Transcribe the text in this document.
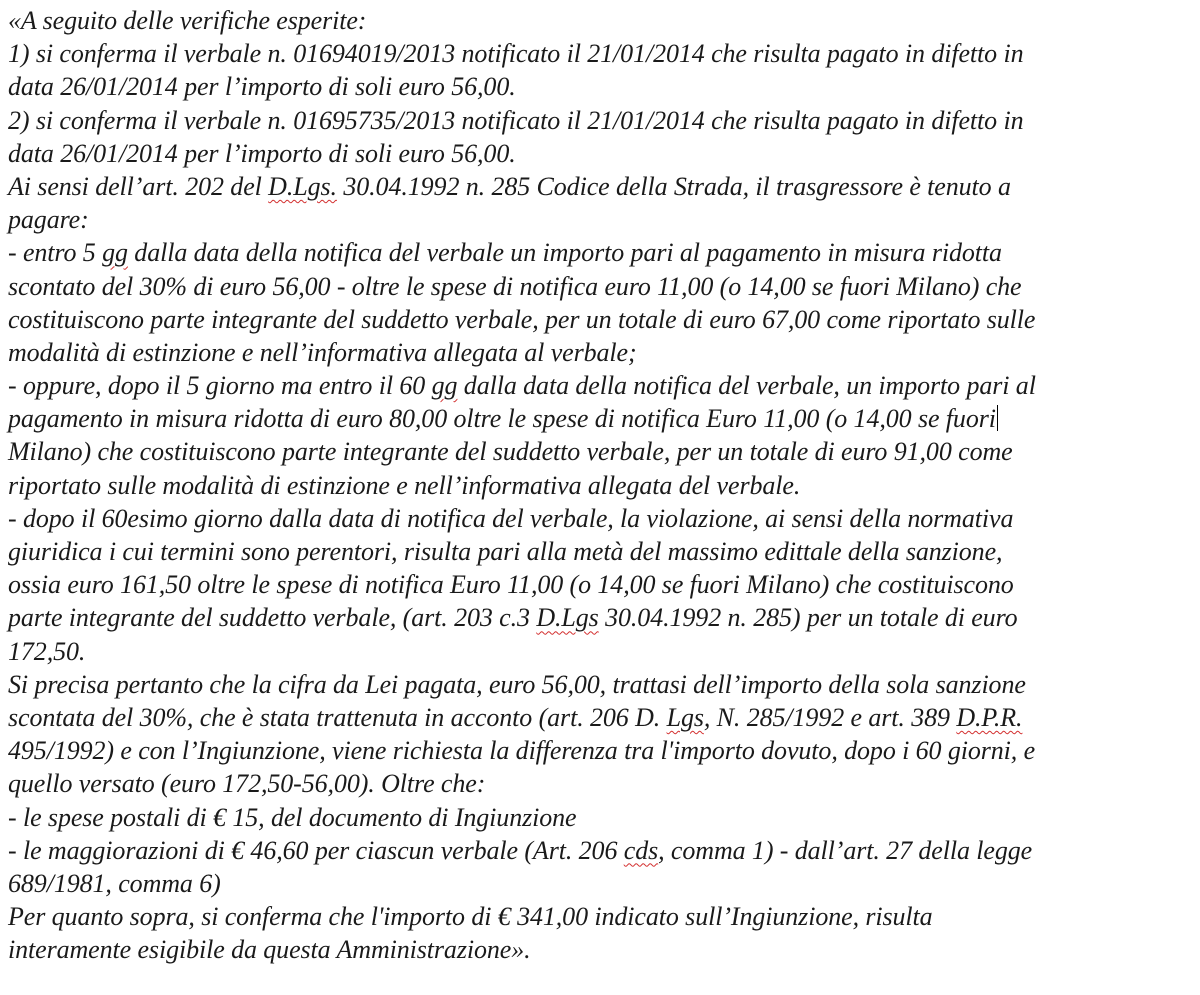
«A seguito delle verifiche esperite:
1) si conferma il verbale n. 01694019/2013 notificato il 21/01/2014 che risulta pagato in difetto in
data 26/01/2014 per l’importo di soli euro 56,00.
2) si conferma il verbale n. 01695735/2013 notificato il 21/01/2014 che risulta pagato in difetto in
data 26/01/2014 per l’importo di soli euro 56,00.
Ai sensi dell’art. 202 del D.Lgs. 30.04.1992 n. 285 Codice della Strada, il trasgressore è tenuto a
pagare:
- entro 5 gg dalla data della notifica del verbale un importo pari al pagamento in misura ridotta
scontato del 30% di euro 56,00 - oltre le spese di notifica euro 11,00 (o 14,00 se fuori Milano) che
costituiscono parte integrante del suddetto verbale, per un totale di euro 67,00 come riportato sulle
modalità di estinzione e nell’informativa allegata al verbale;
- oppure, dopo il 5 giorno ma entro il 60 gg dalla data della notifica del verbale, un importo pari al
pagamento in misura ridotta di euro 80,00 oltre le spese di notifica Euro 11,00 (o 14,00 se fuori
Milano) che costituiscono parte integrante del suddetto verbale, per un totale di euro 91,00 come
riportato sulle modalità di estinzione e nell’informativa allegata del verbale.
- dopo il 60esimo giorno dalla data di notifica del verbale, la violazione, ai sensi della normativa
giuridica i cui termini sono perentori, risulta pari alla metà del massimo edittale della sanzione,
ossia euro 161,50 oltre le spese di notifica Euro 11,00 (o 14,00 se fuori Milano) che costituiscono
parte integrante del suddetto verbale, (art. 203 c.3 D.Lgs 30.04.1992 n. 285) per un totale di euro
172,50.
Si precisa pertanto che la cifra da Lei pagata, euro 56,00, trattasi dell’importo della sola sanzione
scontata del 30%, che è stata trattenuta in acconto (art. 206 D. Lgs, N. 285/1992 e art. 389 D.P.R.
495/1992) e con l’Ingiunzione, viene richiesta la differenza tra l'importo dovuto, dopo i 60 giorni, e
quello versato (euro 172,50-56,00). Oltre che:
- le spese postali di € 15, del documento di Ingiunzione
- le maggiorazioni di € 46,60 per ciascun verbale (Art. 206 cds, comma 1) - dall’art. 27 della legge
689/1981, comma 6)
Per quanto sopra, si conferma che l'importo di € 341,00 indicato sull’Ingiunzione, risulta
interamente esigibile da questa Amministrazione».
